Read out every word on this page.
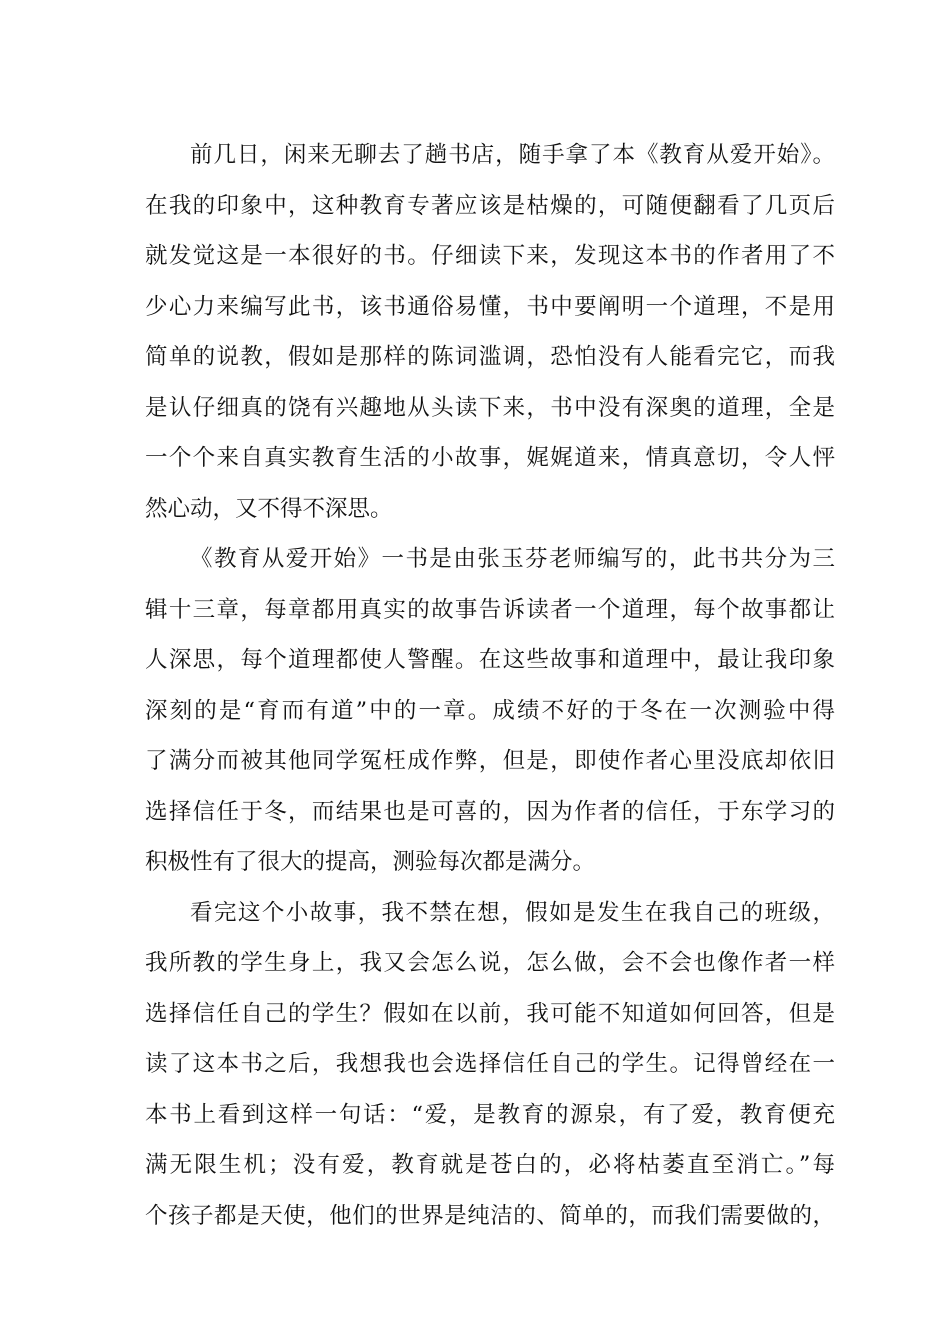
前几日，闲来无聊去了趟书店，随手拿了本《教育从爱开始》。
在我的印象中，这种教育专著应该是枯燥的，可随便翻看了几页后
就发觉这是一本很好的书。仔细读下来，发现这本书的作者用了不
少心力来编写此书，该书通俗易懂，书中要阐明一个道理，不是用
简单的说教，假如是那样的陈词滥调，恐怕没有人能看完它，而我
是认仔细真的饶有兴趣地从头读下来，书中没有深奥的道理，全是
一个个来自真实教育生活的小故事，娓娓道来，情真意切，令人怦
然心动，又不得不深思。
《教育从爱开始》一书是由张玉芬老师编写的，此书共分为三
辑十三章，每章都用真实的故事告诉读者一个道理，每个故事都让
人深思，每个道理都使人警醒。在这些故事和道理中，最让我印象
深刻的是“育而有道”中的一章。成绩不好的于冬在一次测验中得
了满分而被其他同学冤枉成作弊，但是，即使作者心里没底却依旧
选择信任于冬，而结果也是可喜的，因为作者的信任，于东学习的
积极性有了很大的提高，测验每次都是满分。
看完这个小故事，我不禁在想，假如是发生在我自己的班级，
我所教的学生身上，我又会怎么说，怎么做，会不会也像作者一样
选择信任自己的学生？假如在以前，我可能不知道如何回答，但是
读了这本书之后，我想我也会选择信任自己的学生。记得曾经在一
本书上看到这样一句话：“爱，是教育的源泉，有了爱，教育便充
满无限生机；没有爱，教育就是苍白的，必将枯萎直至消亡。”每
个孩子都是天使，他们的世界是纯洁的、简单的，而我们需要做的，
